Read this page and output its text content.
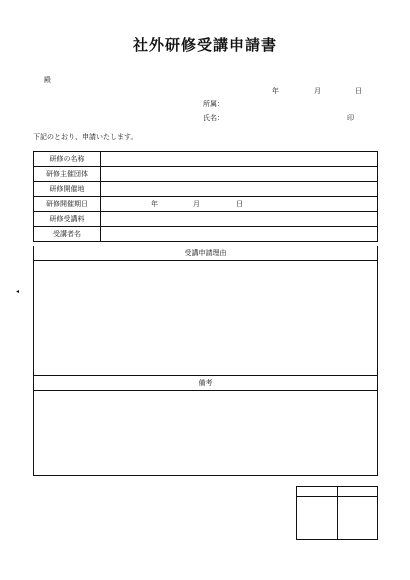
社外研修受講申請書
殿
年	月	日
所属：
氏名：	印
下記のとおり、申請いたします。
◂
研修の名称	
研修主催団体	
研修開催地	
研修開催期日	年 月 日

研修受講料	
受講者名	
受講申請理由
備考
